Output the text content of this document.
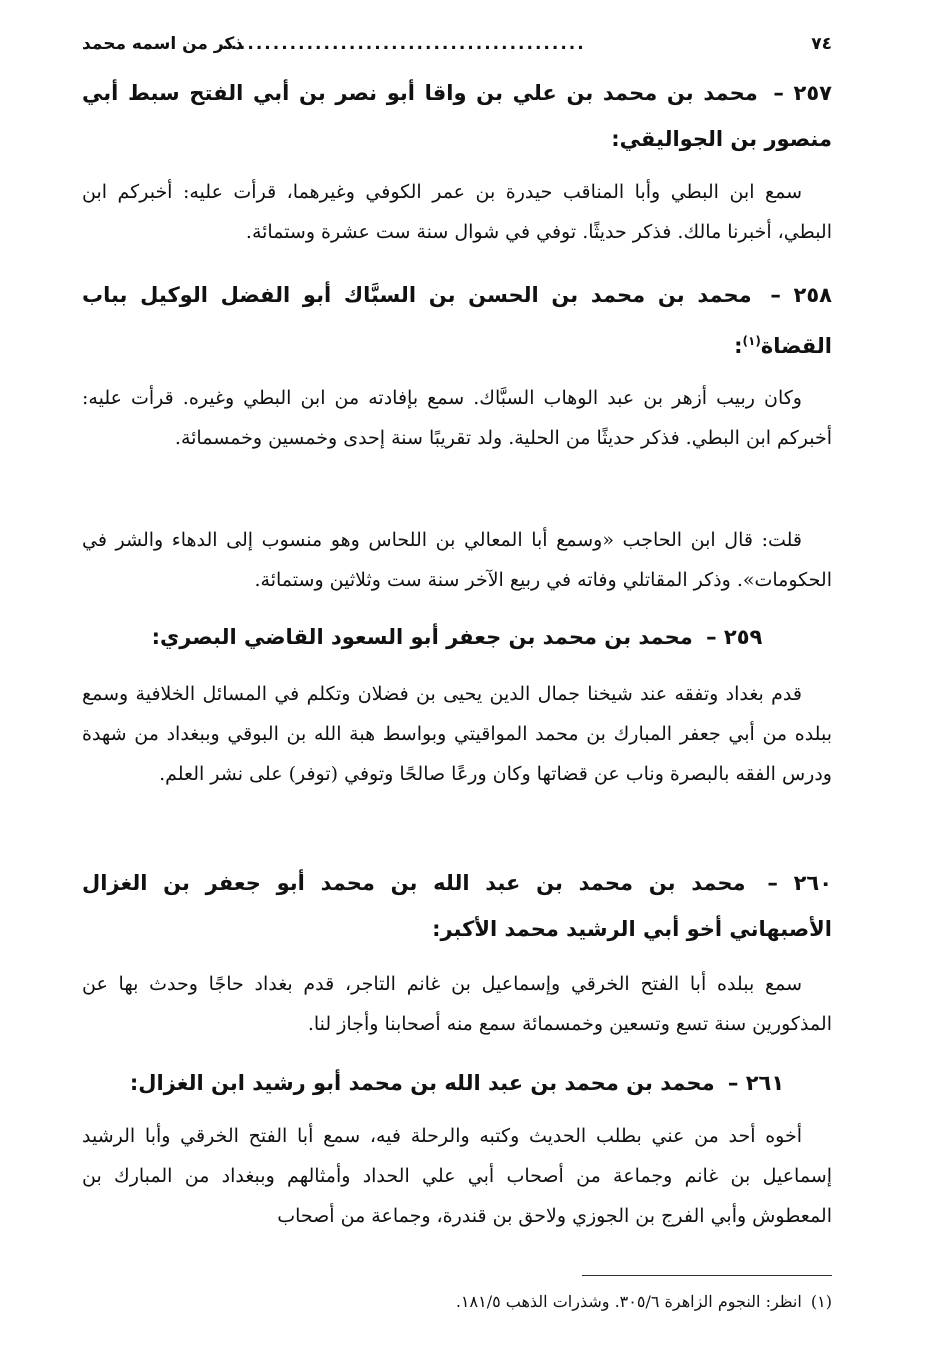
٧٤
...........................................
ذكر من اسمه محمد
٢٥٧ – محمد بن محمد بن علي بن واقا أبو نصر بن أبي الفتح سبط أبي منصور بن الجواليقي:

سمع ابن البطي وأبا المناقب حيدرة بن عمر الكوفي وغيرهما، قرأت عليه: أخبركم ابن البطي، أخبرنا مالك. فذكر حديثًا. توفي في شوال سنة ست عشرة وستمائة.

٢٥٨ – محمد بن محمد بن الحسن بن السبَّاك أبو الفضل الوكيل بباب القضاة$^{(١)}$:

وكان ربيب أزهر بن عبد الوهاب السبَّاك. سمع بإفادته من ابن البطي وغيره. قرأت عليه: أخبركم ابن البطي. فذكر حديثًا من الحلية. ولد تقريبًا سنة إحدى وخمسين وخمسمائة.

قلت: قال ابن الحاجب «وسمع أبا المعالي بن اللحاس وهو منسوب إلى الدهاء والشر في الحكومات». وذكر المقاتلي وفاته في ربيع الآخر سنة ست وثلاثين وستمائة.

٢٥٩ – محمد بن محمد بن جعفر أبو السعود القاضي البصري:

قدم بغداد وتفقه عند شيخنا جمال الدين يحيى بن فضلان وتكلم في المسائل الخلافية وسمع ببلده من أبي جعفر المبارك بن محمد المواقيتي وبواسط هبة الله بن البوقي وببغداد من شهدة ودرس الفقه بالبصرة وناب عن قضاتها وكان ورعًا صالحًا وتوفي (توفر) على نشر العلم.

٢٦٠ – محمد بن محمد بن عبد الله بن محمد أبو جعفر بن الغزال الأصبهاني أخو أبي الرشيد محمد الأكبر:

سمع ببلده أبا الفتح الخرقي وإسماعيل بن غانم التاجر، قدم بغداد حاجًا وحدث بها عن المذكورين سنة تسع وتسعين وخمسمائة سمع منه أصحابنا وأجاز لنا.

٢٦١ – محمد بن محمد بن عبد الله بن محمد أبو رشيد ابن الغزال:

أخوه أحد من عني بطلب الحديث وكتبه والرحلة فيه، سمع أبا الفتح الخرقي وأبا الرشيد إسماعيل بن غانم وجماعة من أصحاب أبي علي الحداد وأمثالهم وببغداد من المبارك بن المعطوش وأبي الفرج بن الجوزي ولاحق بن قندرة، وجماعة من أصحاب

(١) انظر: النجوم الزاهرة ٣٠٥/٦. وشذرات الذهب ١٨١/٥.
